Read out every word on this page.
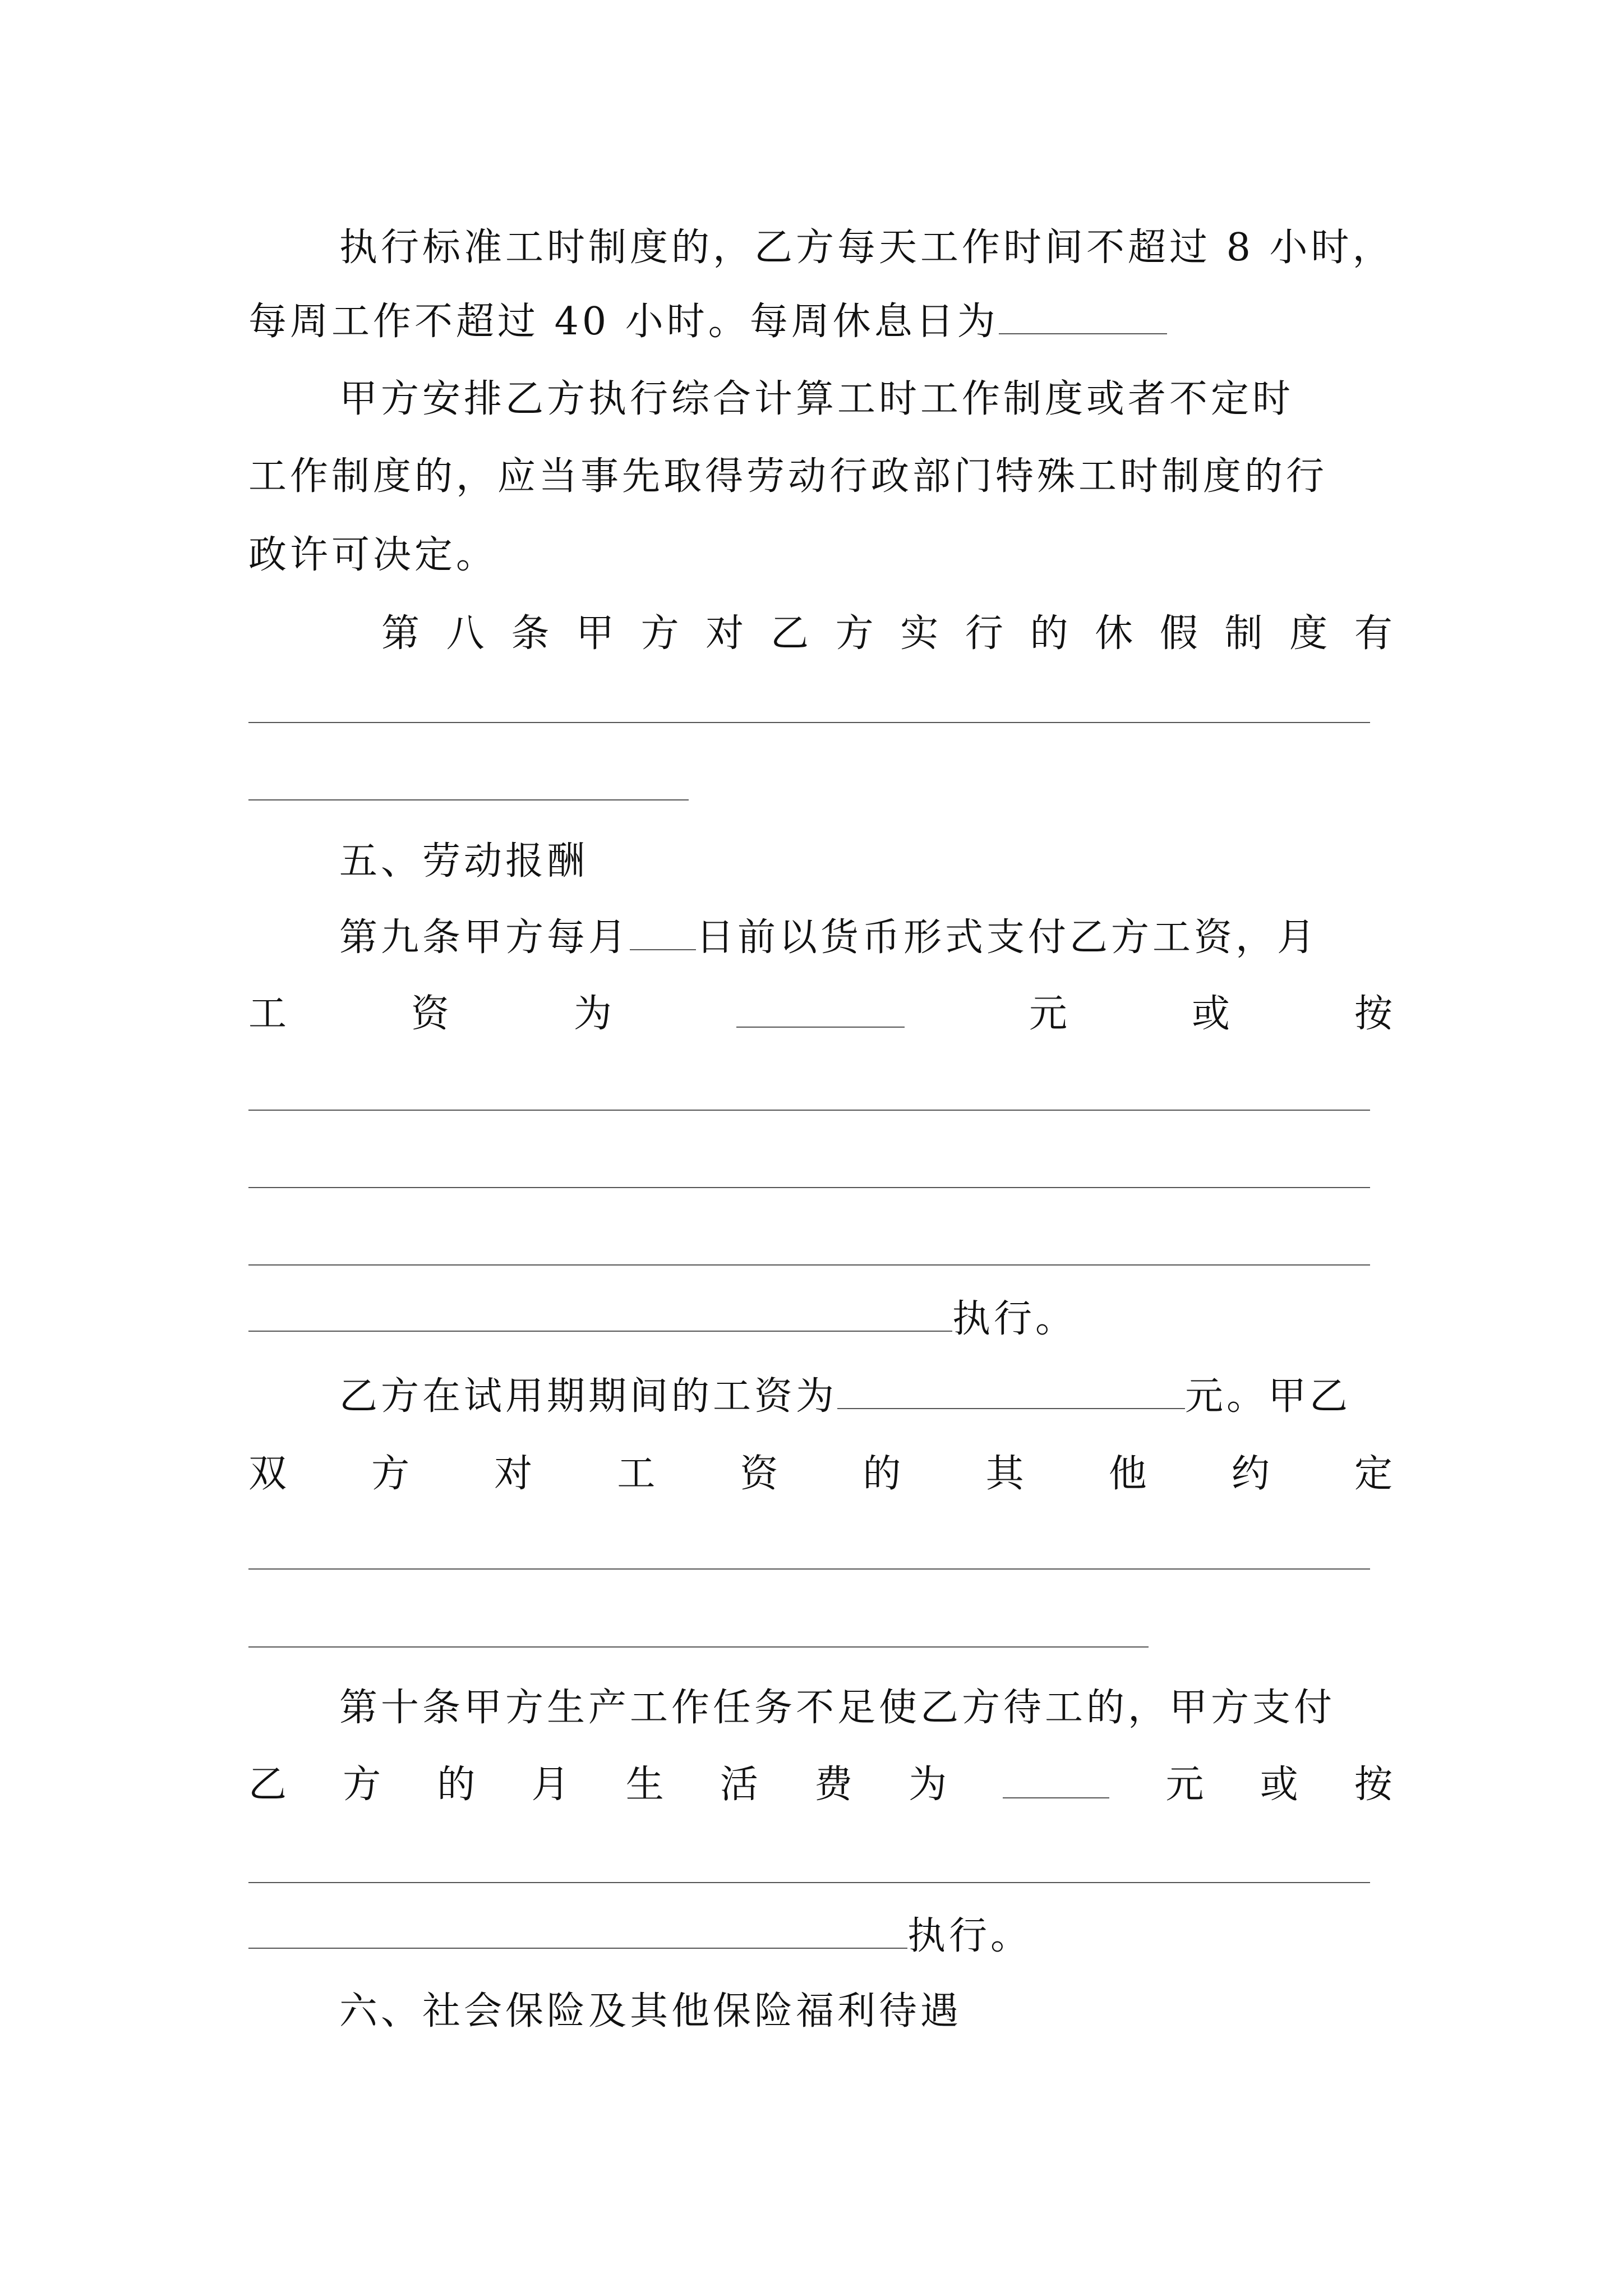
执行标准工时制度的，乙方每天工作时间不超过 8 小时，
每周工作不超过 40 小时。每周休息日为
甲方安排乙方执行综合计算工时工作制度或者不定时
工作制度的，应当事先取得劳动行政部门特殊工时制度的行
政许可决定。
第 八 条 甲 方 对 乙 方 实 行 的 休 假 制 度 有
五、劳动报酬
第九条甲方每月 日前以货币形式支付乙方工资，月
工	资	为	元	或	按
执行。
乙方在试用期期间的工资为	元。甲乙
双 方 对 工 资 的 其 他 约 定
第十条甲方生产工作任务不足使乙方待工的，甲方支付
乙 方 的 月 生 活 费 为	元 或 按
执行。
六、社会保险及其他保险福利待遇
